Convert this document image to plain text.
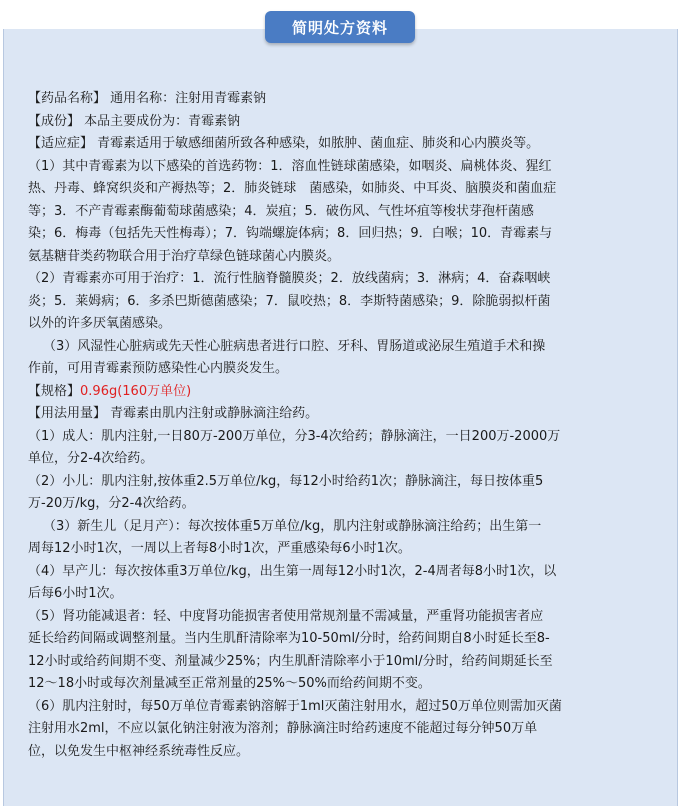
简明处方资料
【药品名称】 通用名称：注射用青霉素钠
【成份】 本品主要成份为：青霉素钠
【适应症】 青霉素适用于敏感细菌所致各种感染，如脓肿、菌血症、肺炎和心内膜炎等。
（1）其中青霉素为以下感染的首选药物：1．溶血性链球菌感染，如咽炎、扁桃体炎、猩红
热、丹毒、蜂窝织炎和产褥热等；2．肺炎链球　菌感染，如肺炎、中耳炎、脑膜炎和菌血症
等；3．不产青霉素酶葡萄球菌感染；4．炭疽；5．破伤风、气性坏疽等梭状芽孢杆菌感
染；6．梅毒（包括先天性梅毒）；7．钩端螺旋体病；8．回归热；9．白喉；10．青霉素与
氨基糖苷类药物联合用于治疗草绿色链球菌心内膜炎。
（2）青霉素亦可用于治疗：1．流行性脑脊髓膜炎；2．放线菌病；3．淋病；4．奋森咽峡
炎；5．莱姆病；6．多杀巴斯德菌感染；7．鼠咬热；8．李斯特菌感染；9．除脆弱拟杆菌
以外的许多厌氧菌感染。
（3）风湿性心脏病或先天性心脏病患者进行口腔、牙科、胃肠道或泌尿生殖道手术和操
作前，可用青霉素预防感染性心内膜炎发生。
【规格】0.96g(160万单位)
【用法用量】 青霉素由肌内注射或静脉滴注给药。
（1）成人：肌内注射,一日80万-200万单位，分3-4次给药；静脉滴注，一日200万-2000万
单位，分2-4次给药。
（2）小儿：肌内注射,按体重2.5万单位/kg，每12小时给药1次；静脉滴注，每日按体重5
万-20万/kg，分2-4次给药。
（3）新生儿（足月产）：每次按体重5万单位/kg，肌内注射或静脉滴注给药；出生第一
周每12小时1次，一周以上者每8小时1次，严重感染每6小时1次。
（4）早产儿：每次按体重3万单位/kg，出生第一周每12小时1次，2-4周者每8小时1次，以
后每6小时1次。
（5）肾功能减退者：轻、中度肾功能损害者使用常规剂量不需减量，严重肾功能损害者应
延长给药间隔或调整剂量。当内生肌酐清除率为10-50ml/分时，给药间期自8小时延长至8-
12小时或给药间期不变、剂量减少25%；内生肌酐清除率小于10ml/分时，给药间期延长至
12～18小时或每次剂量减至正常剂量的25%～50%而给药间期不变。
（6）肌内注射时，每50万单位青霉素钠溶解于1ml灭菌注射用水，超过50万单位则需加灭菌
注射用水2ml，不应以氯化钠注射液为溶剂；静脉滴注时给药速度不能超过每分钟50万单
位，以免发生中枢神经系统毒性反应。
